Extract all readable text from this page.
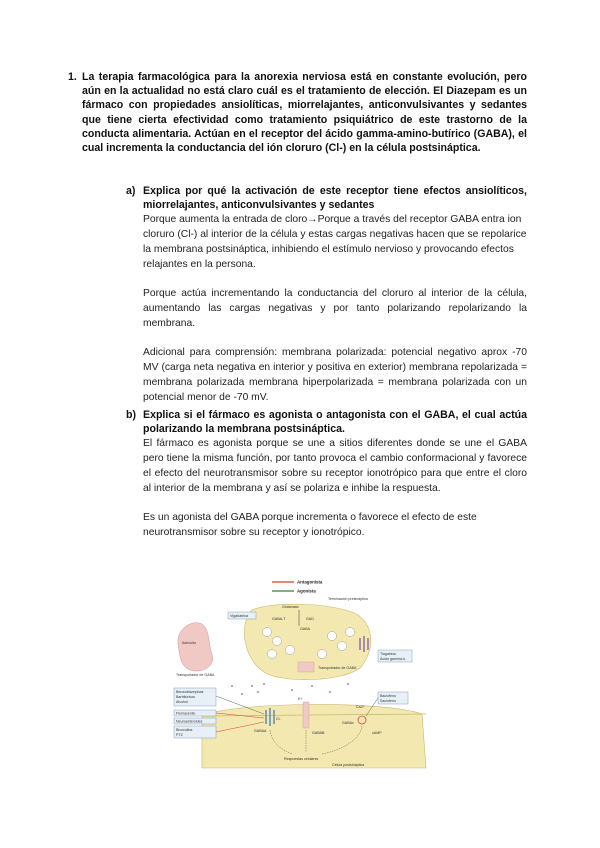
1. La terapia farmacológica para la anorexia nerviosa está en constante evolución, pero aún en la actualidad no está claro cuál es el tratamiento de elección. El Diazepam es un fármaco con propiedades ansiolíticas, miorrelajantes, anticonvulsivantes y sedantes que tiene cierta efectividad como tratamiento psiquiátrico de este trastorno de la conducta alimentaria. Actúan en el receptor del ácido gamma-amino-butírico (GABA), el cual incrementa la conductancia del ión cloruro (Cl-) en la célula postsináptica.
a) Explica por qué la activación de este receptor tiene efectos ansiolíticos, miorrelajantes, anticonvulsivantes y sedantes

Porque aumenta la entrada de cloro→Porque a través del receptor GABA entra ion cloruro (Cl-) al interior de la célula y estas cargas negativas hacen que se repolarice la membrana postsináptica, inhibiendo el estímulo nervioso y provocando efectos relajantes en la persona.

Porque actúa incrementando la conductancia del cloruro al interior de la célula, aumentando las cargas negativas y por tanto polarizando repolarizando la membrana.

Adicional para comprensión: membrana polarizada: potencial negativo aprox -70 MV (carga neta negativa en interior y positiva en exterior) membrana repolarizada = membrana polarizada membrana hiperpolarizada = membrana polarizada con un potencial menor de -70 mV.

b) Explica si el fármaco es agonista o antagonista con el GABA, el cual actúa polarizando la membrana postsináptica.

El fármaco es agonista porque se une a sitios diferentes donde se une el GABA pero tiene la misma función, por tanto provoca el cambio conformacional y favorece el efecto del neurotransmisor sobre su receptor ionotrópico para que entre el cloro al interior de la membrana y así se polariza e inhibe la respuesta.

Es un agonista del GABA porque incrementa o favorece el efecto de este neurotransmisor sobre su receptor y ionotrópico.

Antagonista
Agonista
Astrocito
Transportador de GABA
Glutamato
GABA-T	GAD
GABA
Terminación presináptica
Vigabatrina
Tiagabina
Ácido gamma-h.
Transportador de GABA
K+
GABAB
GABAA
Cl-
GABAc
cAMP
Ca2+
Baclofeno
Saclofeno
Benzodiazepinas
Barbitúricos
Alcohol
Flumazenilo
Neuroesteroides
Bicuculina
PTZ
Respuestas celulares
Célula postsináptica
